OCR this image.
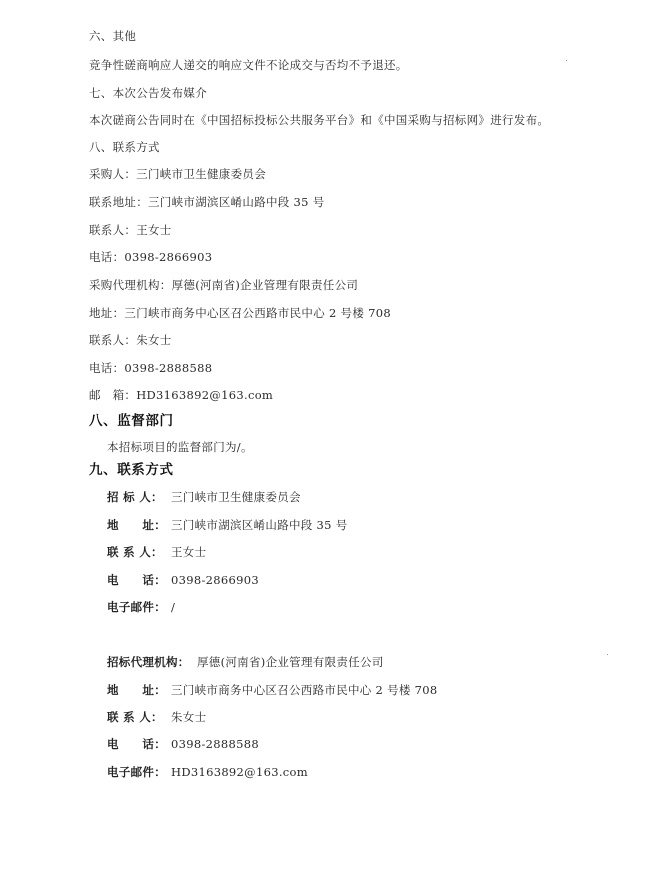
六、其他
竞争性磋商响应人递交的响应文件不论成交与否均不予退还。
七、本次公告发布媒介
本次磋商公告同时在《中国招标投标公共服务平台》和《中国采购与招标网》进行发布。
八、联系方式
采购人：三门峡市卫生健康委员会
联系地址：三门峡市湖滨区崤山路中段 35 号
联系人：王女士
电话：0398-2866903
采购代理机构：厚德(河南省)企业管理有限责任公司
地址：三门峡市商务中心区召公西路市民中心 2 号楼 708
联系人：朱女士
电话：0398-2888588
邮　箱：HD3163892@163.com
八、监督部门
本招标项目的监督部门为/。
九、联系方式
招 标 人： 三门峡市卫生健康委员会
地　　址： 三门峡市湖滨区崤山路中段 35 号
联 系 人： 王女士
电　　话： 0398-2866903
电子邮件： /
招标代理机构： 厚德(河南省)企业管理有限责任公司
地　　址： 三门峡市商务中心区召公西路市民中心 2 号楼 708
联 系 人： 朱女士
电　　话： 0398-2888588
电子邮件： HD3163892@163.com
